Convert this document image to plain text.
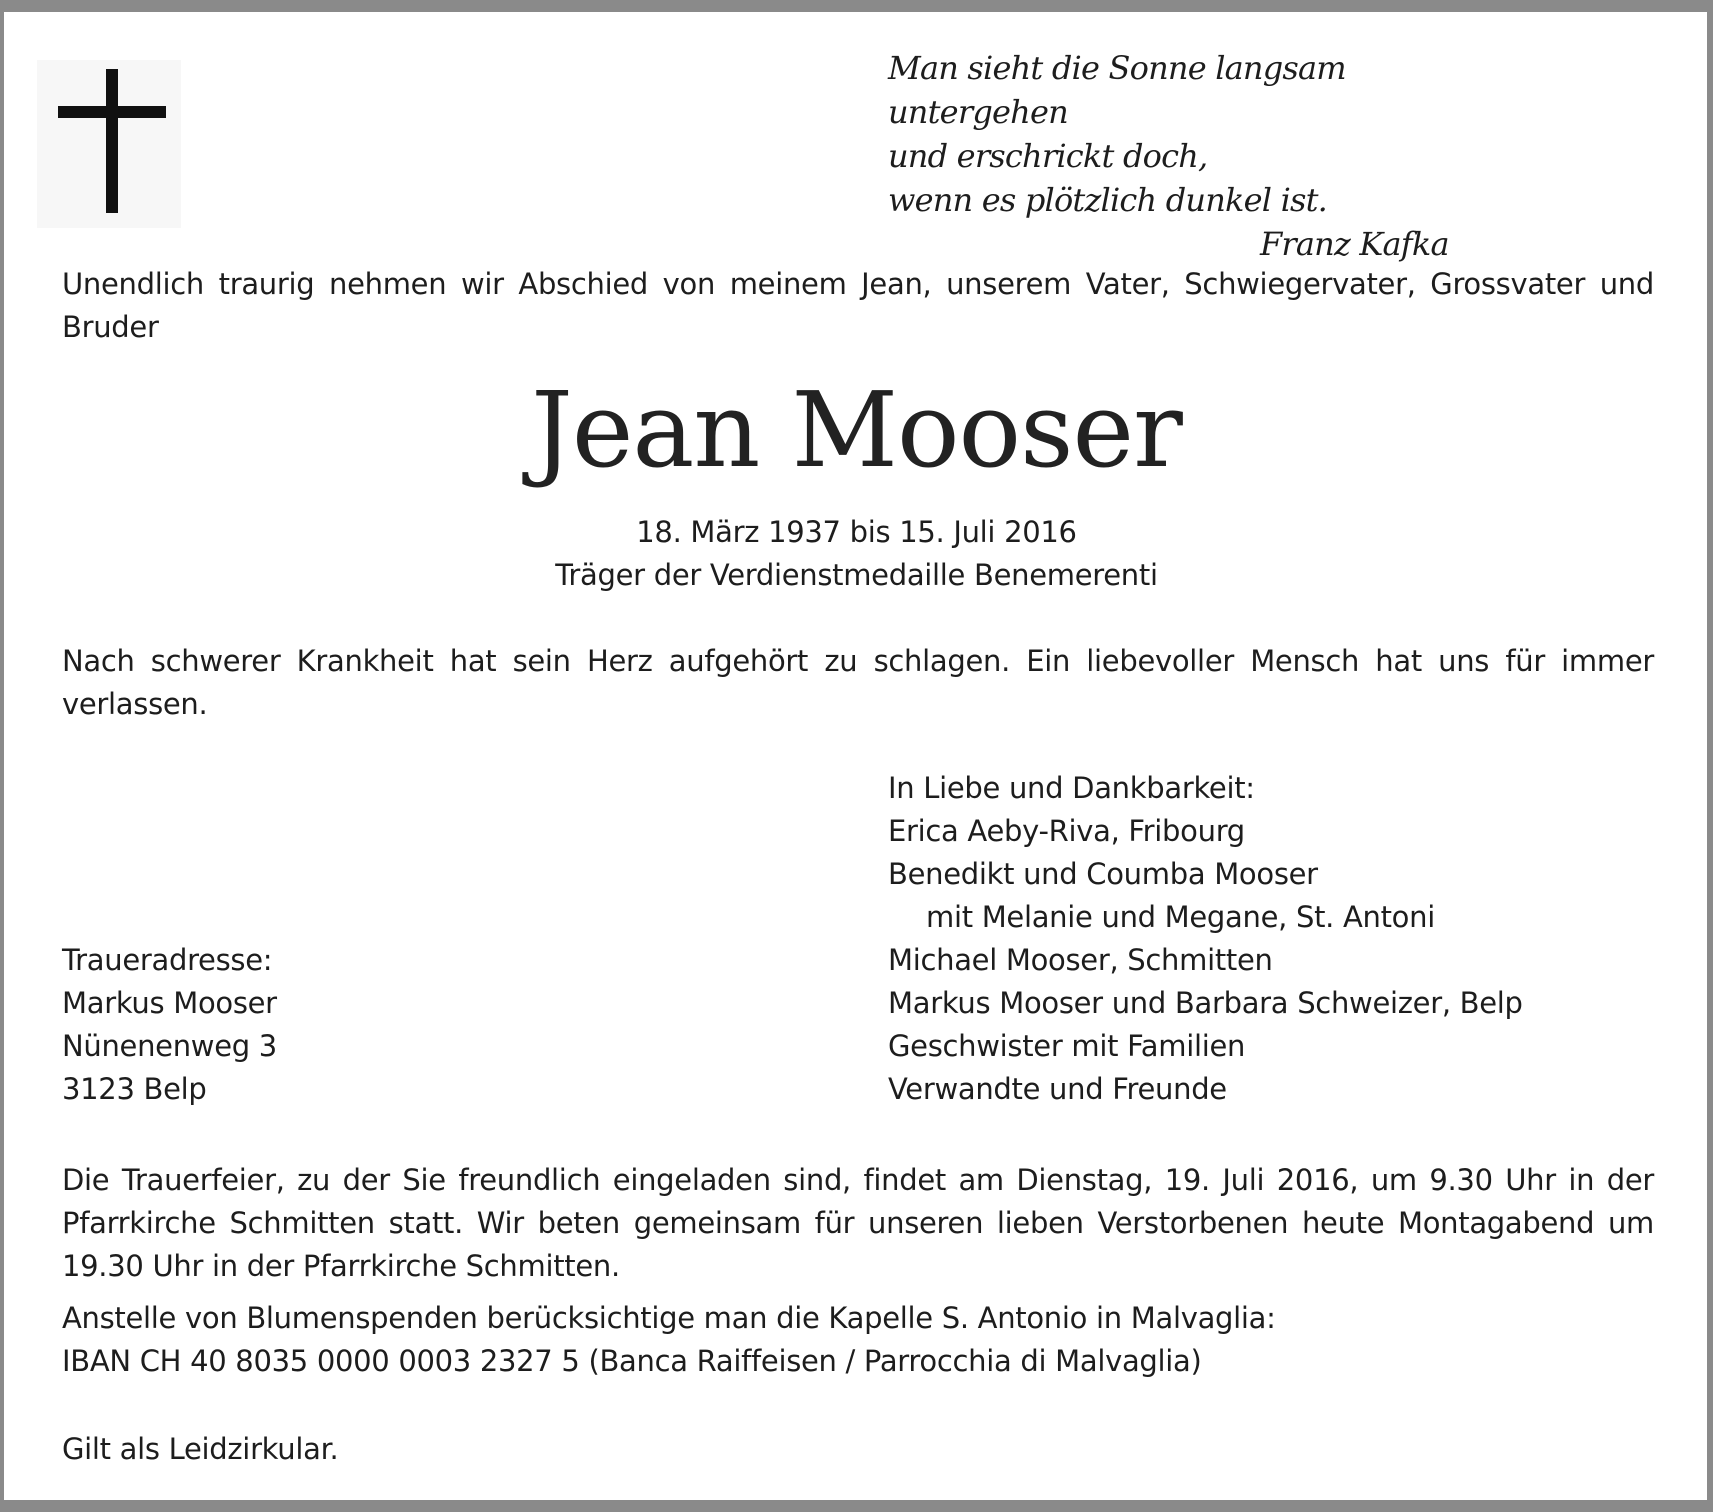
Man sieht die Sonne langsam untergehen
und erschrickt doch,
wenn es plötzlich dunkel ist.
Franz Kafka
Unendlich traurig nehmen wir Abschied von meinem Jean, unserem Vater, Schwiegervater, Grossvater und Bruder
Jean Mooser
18. März 1937 bis 15. Juli 2016
Träger der Verdienstmedaille Benemerenti
Nach schwerer Krankheit hat sein Herz aufgehört zu schlagen. Ein liebevoller Mensch hat uns für immer verlassen.
In Liebe und Dankbarkeit:
Erica Aeby-Riva, Fribourg
Benedikt und Coumba Mooser
mit Melanie und Megane, St. Antoni
Michael Mooser, Schmitten
Markus Mooser und Barbara Schweizer, Belp
Geschwister mit Familien
Verwandte und Freunde
Traueradresse:
Markus Mooser
Nünenenweg 3
3123 Belp
Die Trauerfeier, zu der Sie freundlich eingeladen sind, findet am Dienstag, 19. Juli 2016, um 9.30 Uhr in der Pfarrkirche Schmitten statt. Wir beten gemeinsam für unseren lieben Verstorbenen heute Montagabend um 19.30 Uhr in der Pfarrkirche Schmitten.
Anstelle von Blumenspenden berücksichtige man die Kapelle S. Antonio in Malvaglia:
IBAN CH 40 8035 0000 0003 2327 5 (Banca Raiffeisen / Parrocchia di Malvaglia)
Gilt als Leidzirkular.
